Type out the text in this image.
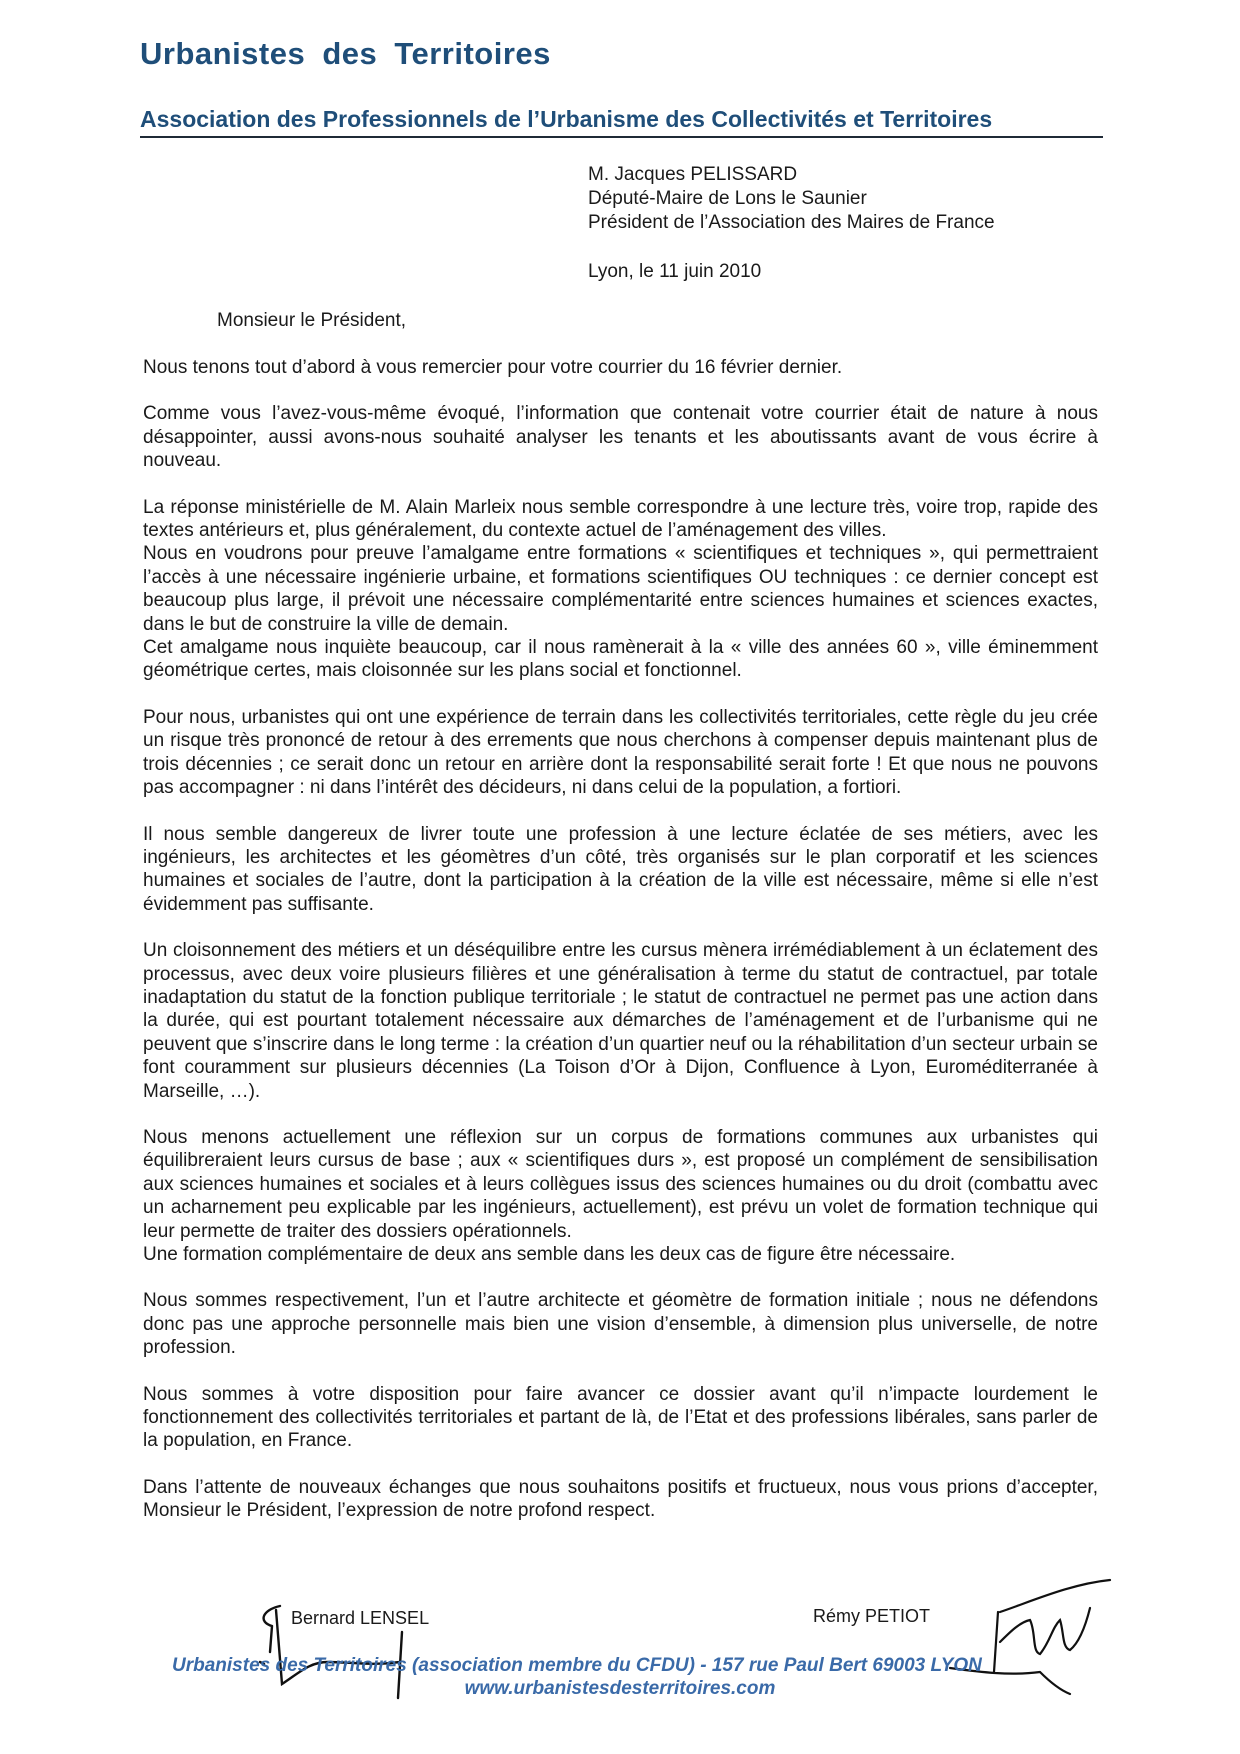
Urbanistes des Territoires
Association des Professionnels de l’Urbanisme des Collectivités et Territoires
M. Jacques PELISSARD
Député-Maire de Lons le Saunier
Président de l’Association des Maires de France
Lyon, le 11 juin 2010
Monsieur le Président,

Nous tenons tout d’abord à vous remercier pour votre courrier du 16 février dernier.

Comme vous l’avez-vous-même évoqué, l’information que contenait votre courrier était de nature à nous désappointer, aussi avons-nous souhaité analyser les tenants et les aboutissants avant de vous écrire à nouveau.

La réponse ministérielle de M. Alain Marleix nous semble correspondre à une lecture très, voire trop, rapide des textes antérieurs et, plus généralement, du contexte actuel de l’aménagement des villes.

Nous en voudrons pour preuve l’amalgame entre formations « scientifiques et techniques », qui permettraient l’accès à une nécessaire ingénierie urbaine, et formations scientifiques OU techniques : ce dernier concept est beaucoup plus large, il prévoit une nécessaire complémentarité entre sciences humaines et sciences exactes, dans le but de construire la ville de demain.

Cet amalgame nous inquiète beaucoup, car il nous ramènerait à la « ville des années 60 », ville éminemment géométrique certes, mais cloisonnée sur les plans social et fonctionnel.

Pour nous, urbanistes qui ont une expérience de terrain dans les collectivités territoriales, cette règle du jeu crée un risque très prononcé de retour à des errements que nous cherchons à compenser depuis maintenant plus de trois décennies ; ce serait donc un retour en arrière dont la responsabilité serait forte ! Et que nous ne pouvons pas accompagner : ni dans l’intérêt des décideurs, ni dans celui de la population, a fortiori.

Il nous semble dangereux de livrer toute une profession à une lecture éclatée de ses métiers, avec les ingénieurs, les architectes et les géomètres d’un côté, très organisés sur le plan corporatif et les sciences humaines et sociales de l’autre, dont la participation à la création de la ville est nécessaire, même si elle n’est évidemment pas suffisante.

Un cloisonnement des métiers et un déséquilibre entre les cursus mènera irrémédiablement à un éclatement des processus, avec deux voire plusieurs filières et une généralisation à terme du statut de contractuel, par totale inadaptation du statut de la fonction publique territoriale ; le statut de contractuel ne permet pas une action dans la durée, qui est pourtant totalement nécessaire aux démarches de l’aménagement et de l’urbanisme qui ne peuvent que s’inscrire dans le long terme : la création d’un quartier neuf ou la réhabilitation d’un secteur urbain se font couramment sur plusieurs décennies (La Toison d’Or à Dijon, Confluence à Lyon, Euroméditerranée à Marseille, …).

Nous menons actuellement une réflexion sur un corpus de formations communes aux urbanistes qui équilibreraient leurs cursus de base ; aux « scientifiques durs », est proposé un complément de sensibilisation aux sciences humaines et sociales et à leurs collègues issus des sciences humaines ou du droit (combattu avec un acharnement peu explicable par les ingénieurs, actuellement), est prévu un volet de formation technique qui leur permette de traiter des dossiers opérationnels.

Une formation complémentaire de deux ans semble dans les deux cas de figure être nécessaire.

Nous sommes respectivement, l’un et l’autre architecte et géomètre de formation initiale ; nous ne défendons donc pas une approche personnelle mais bien une vision d’ensemble, à dimension plus universelle, de notre profession.

Nous sommes à votre disposition pour faire avancer ce dossier avant qu’il n’impacte lourdement le fonctionnement des collectivités territoriales et partant de là, de l’Etat et des professions libérales, sans parler de la population, en France.

Dans l’attente de nouveaux échanges que nous souhaitons positifs et fructueux, nous vous prions d’accepter, Monsieur le Président, l’expression de notre profond respect.

Bernard LENSEL	Rémy PETIOT
Urbanistes des Territoires (association membre du CFDU) - 157 rue Paul Bert 69003 LYON
www.urbanistesdesterritoires.com
